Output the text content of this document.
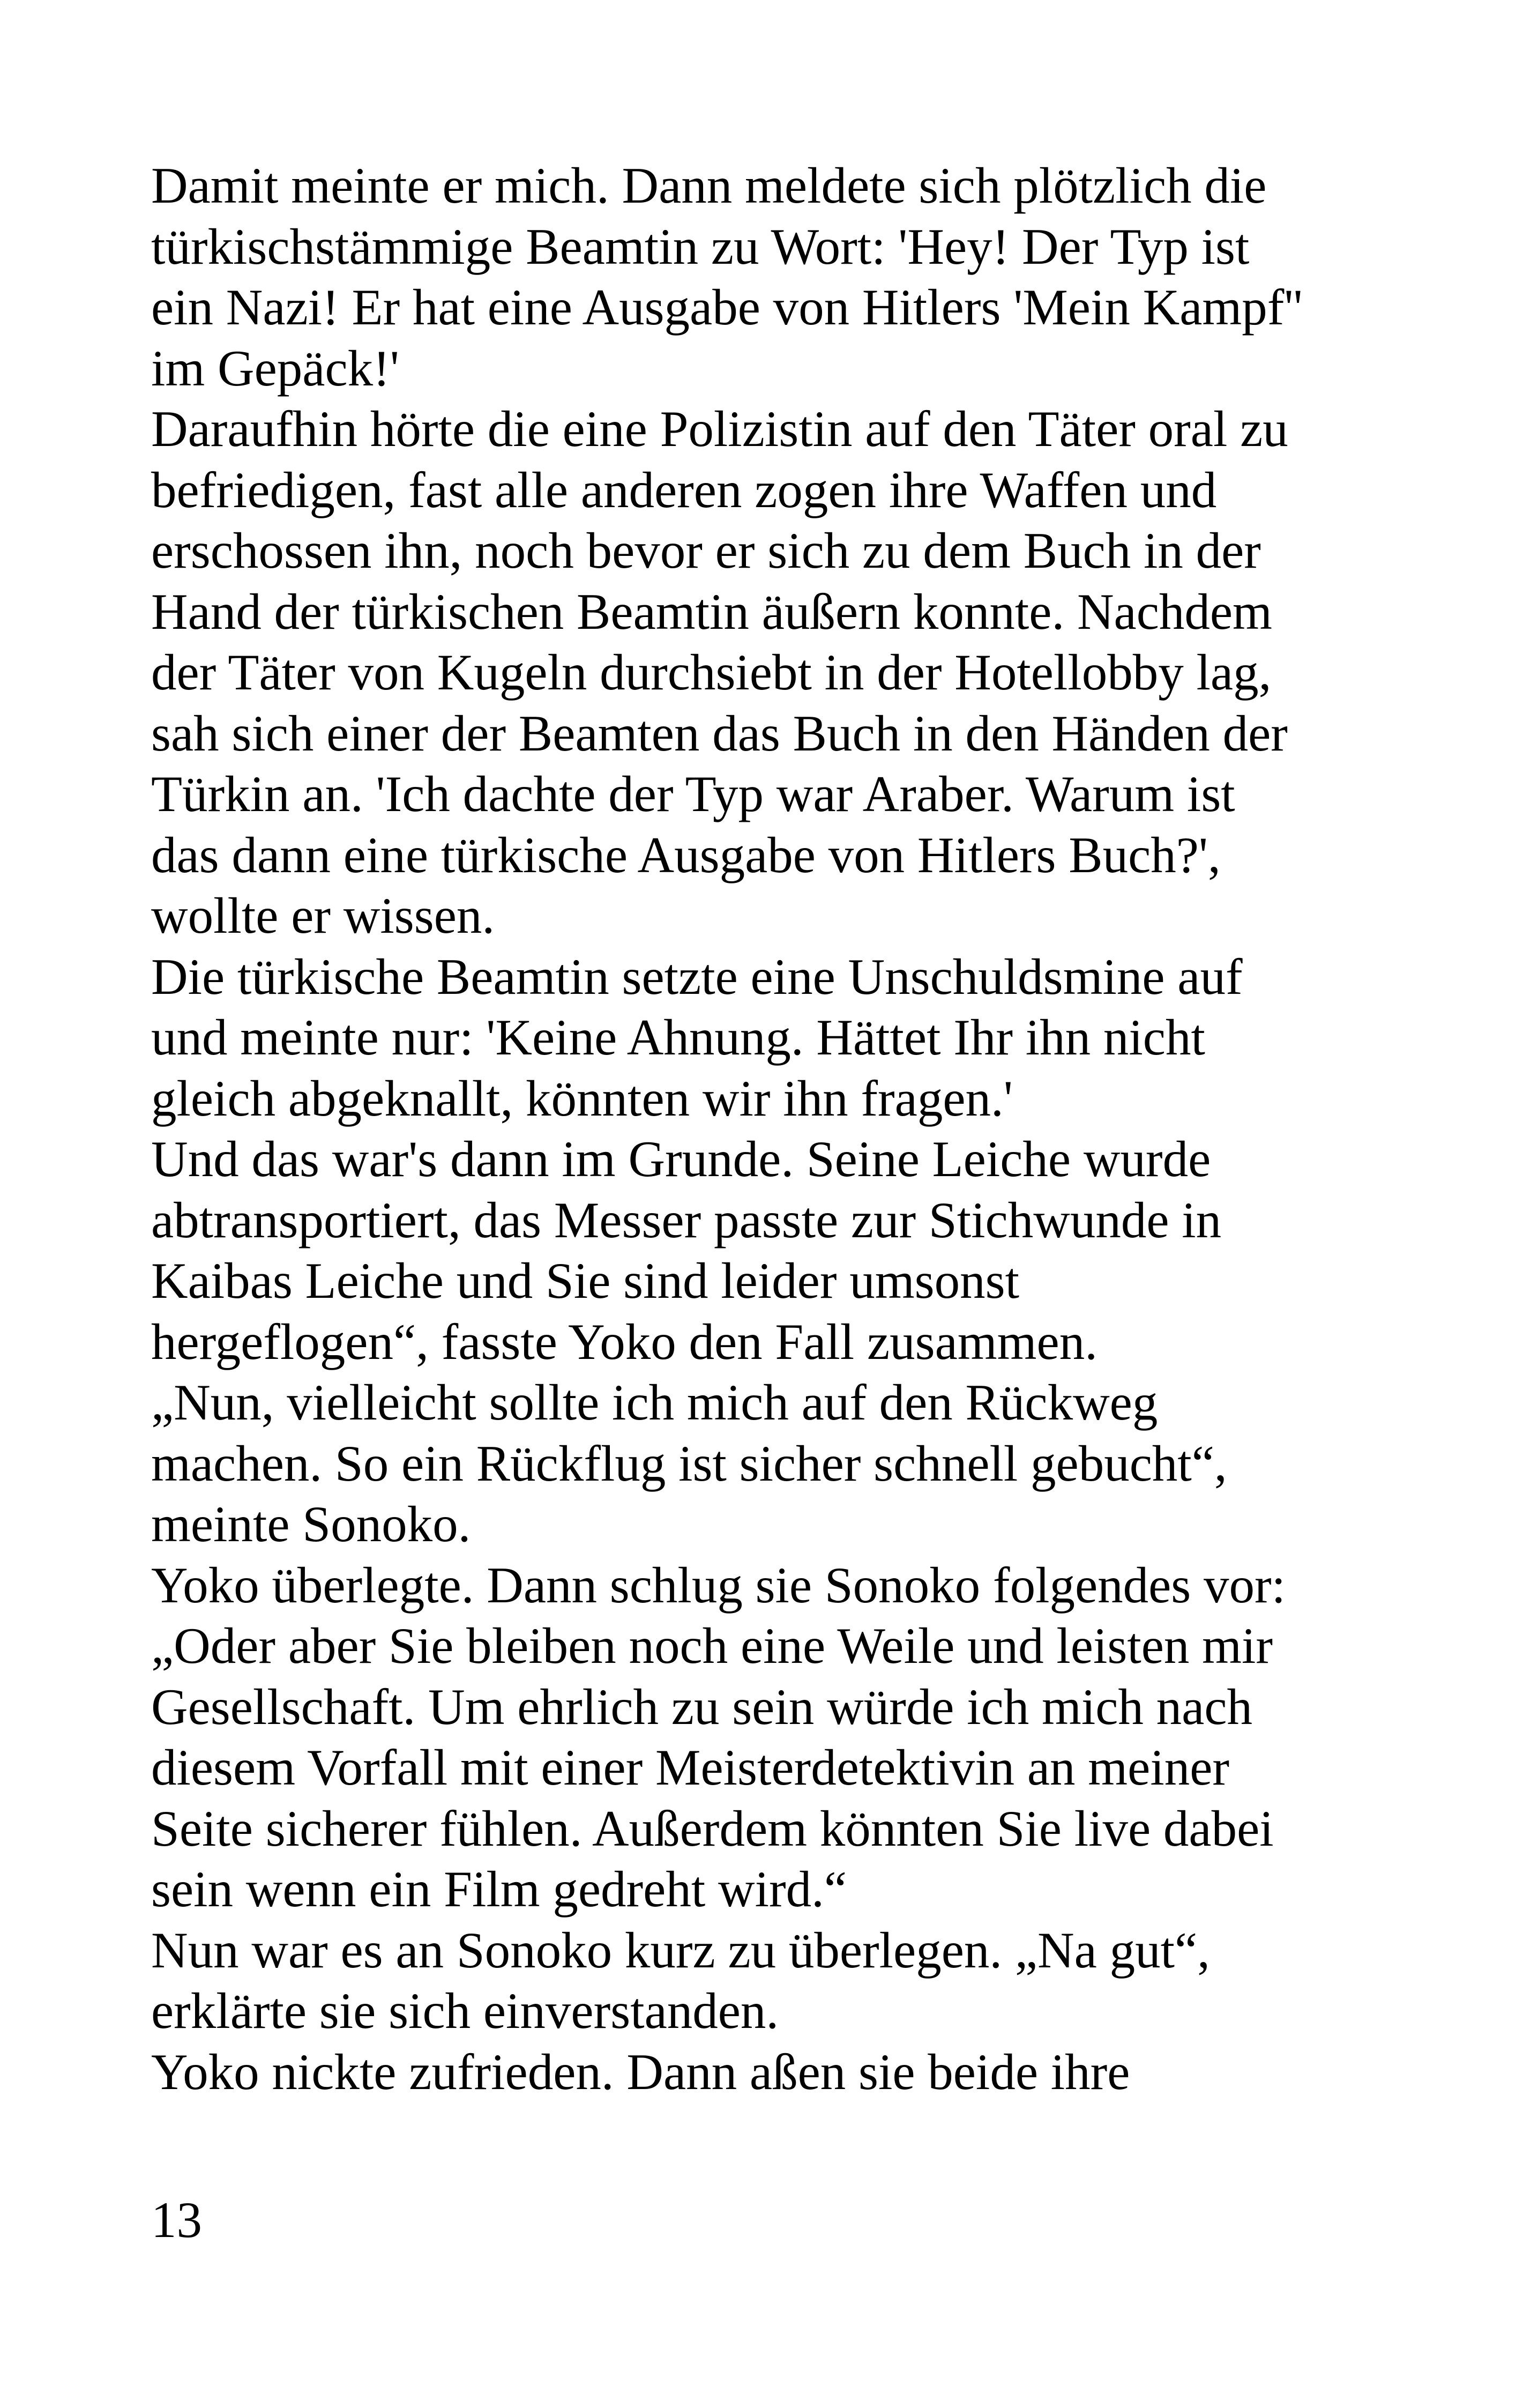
Damit meinte er mich. Dann meldete sich plötzlich die
türkischstämmige Beamtin zu Wort: 'Hey! Der Typ ist
ein Nazi! Er hat eine Ausgabe von Hitlers 'Mein Kampf''
im Gepäck!'
Daraufhin hörte die eine Polizistin auf den Täter oral zu
befriedigen, fast alle anderen zogen ihre Waffen und
erschossen ihn, noch bevor er sich zu dem Buch in der
Hand der türkischen Beamtin äußern konnte. Nachdem
der Täter von Kugeln durchsiebt in der Hotellobby lag,
sah sich einer der Beamten das Buch in den Händen der
Türkin an. 'Ich dachte der Typ war Araber. Warum ist
das dann eine türkische Ausgabe von Hitlers Buch?',
wollte er wissen.
Die türkische Beamtin setzte eine Unschuldsmine auf
und meinte nur: 'Keine Ahnung. Hättet Ihr ihn nicht
gleich abgeknallt, könnten wir ihn fragen.'
Und das war's dann im Grunde. Seine Leiche wurde
abtransportiert, das Messer passte zur Stichwunde in
Kaibas Leiche und Sie sind leider umsonst
hergeflogen“, fasste Yoko den Fall zusammen.
„Nun, vielleicht sollte ich mich auf den Rückweg
machen. So ein Rückflug ist sicher schnell gebucht“,
meinte Sonoko.
Yoko überlegte. Dann schlug sie Sonoko folgendes vor:
„Oder aber Sie bleiben noch eine Weile und leisten mir
Gesellschaft. Um ehrlich zu sein würde ich mich nach
diesem Vorfall mit einer Meisterdetektivin an meiner
Seite sicherer fühlen. Außerdem könnten Sie live dabei
sein wenn ein Film gedreht wird.“
Nun war es an Sonoko kurz zu überlegen. „Na gut“,
erklärte sie sich einverstanden.
Yoko nickte zufrieden. Dann aßen sie beide ihre
13
